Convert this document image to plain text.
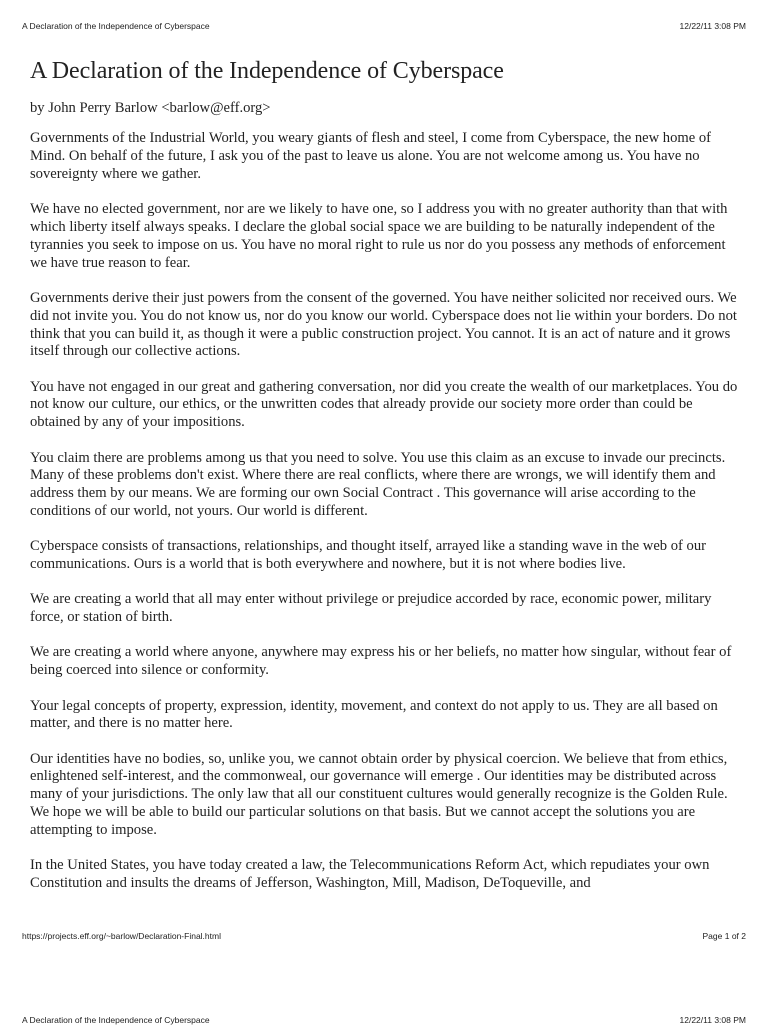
A Declaration of the Independence of Cyberspace	12/22/11 3:08 PM
A Declaration of the Independence of Cyberspace

by John Perry Barlow <barlow@eff.org>

Governments of the Industrial World, you weary giants of flesh and steel, I come from Cyberspace, the new home of Mind. On behalf of the future, I ask you of the past to leave us alone. You are not welcome among us. You have no sovereignty where we gather.

We have no elected government, nor are we likely to have one, so I address you with no greater authority than that with which liberty itself always speaks. I declare the global social space we are building to be naturally independent of the tyrannies you seek to impose on us. You have no moral right to rule us nor do you possess any methods of enforcement we have true reason to fear.

Governments derive their just powers from the consent of the governed. You have neither solicited nor received ours. We did not invite you. You do not know us, nor do you know our world. Cyberspace does not lie within your borders. Do not think that you can build it, as though it were a public construction project. You cannot. It is an act of nature and it grows itself through our collective actions.

You have not engaged in our great and gathering conversation, nor did you create the wealth of our marketplaces. You do not know our culture, our ethics, or the unwritten codes that already provide our society more order than could be obtained by any of your impositions.

You claim there are problems among us that you need to solve. You use this claim as an excuse to invade our precincts. Many of these problems don't exist. Where there are real conflicts, where there are wrongs, we will identify them and address them by our means. We are forming our own Social Contract . This governance will arise according to the conditions of our world, not yours. Our world is different.

Cyberspace consists of transactions, relationships, and thought itself, arrayed like a standing wave in the web of our communications. Ours is a world that is both everywhere and nowhere, but it is not where bodies live.

We are creating a world that all may enter without privilege or prejudice accorded by race, economic power, military force, or station of birth.

We are creating a world where anyone, anywhere may express his or her beliefs, no matter how singular, without fear of being coerced into silence or conformity.

Your legal concepts of property, expression, identity, movement, and context do not apply to us. They are all based on matter, and there is no matter here.

Our identities have no bodies, so, unlike you, we cannot obtain order by physical coercion. We believe that from ethics, enlightened self-interest, and the commonweal, our governance will emerge . Our identities may be distributed across many of your jurisdictions. The only law that all our constituent cultures would generally recognize is the Golden Rule. We hope we will be able to build our particular solutions on that basis. But we cannot accept the solutions you are attempting to impose.

In the United States, you have today created a law, the Telecommunications Reform Act, which repudiates your own Constitution and insults the dreams of Jefferson, Washington, Mill, Madison, DeToqueville, and

https://projects.eff.org/~barlow/Declaration-Final.html	Page 1 of 2
A Declaration of the Independence of Cyberspace	12/22/11 3:08 PM
